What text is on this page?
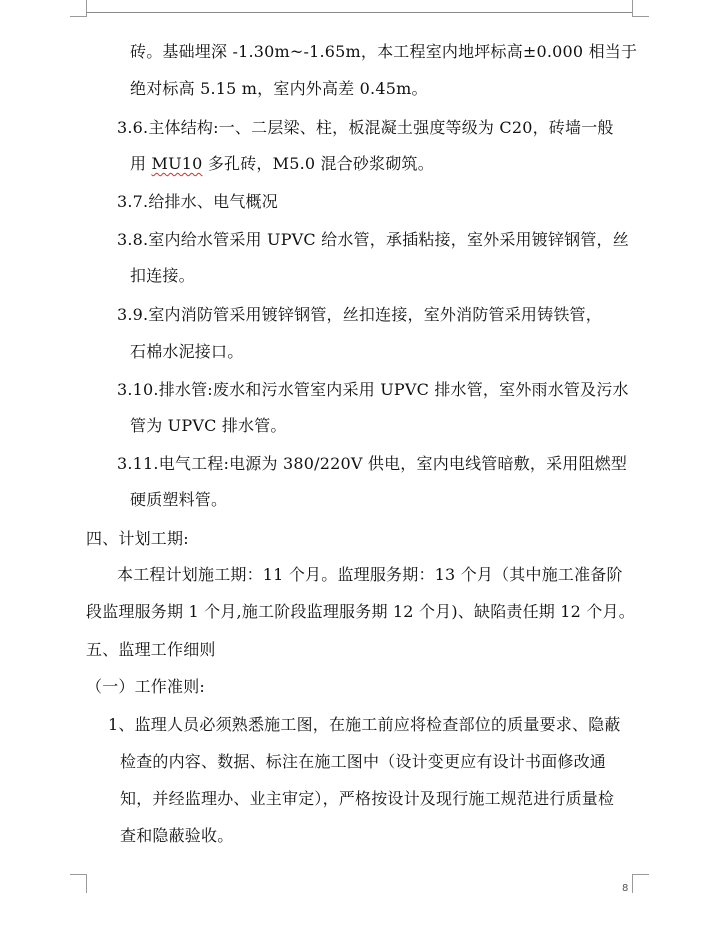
砖。基础埋深 -1.30m~-1.65m，本工程室内地坪标高±0.000 相当于
绝对标高 5.15 m，室内外高差 0.45m。
3.6.主体结构:一、二层梁、柱，板混凝土强度等级为 C20，砖墙一般
用 MU10 多孔砖，M5.0 混合砂浆砌筑。
3.7.给排水、电气概况
3.8.室内给水管采用 UPVC 给水管，承插粘接，室外采用镀锌钢管，丝
扣连接。
3.9.室内消防管采用镀锌钢管，丝扣连接，室外消防管采用铸铁管，
石棉水泥接口。
3.10.排水管:废水和污水管室内采用 UPVC 排水管，室外雨水管及污水
管为 UPVC 排水管。
3.11.电气工程:电源为 380/220V 供电，室内电线管暗敷，采用阻燃型
硬质塑料管。
四、计划工期:
本工程计划施工期：11 个月。监理服务期：13 个月（其中施工准备阶
段监理服务期 1 个月,施工阶段监理服务期 12 个月)、缺陷责任期 12 个月。
五、监理工作细则
（一）工作准则:
1、监理人员必须熟悉施工图，在施工前应将检查部位的质量要求、隐蔽
检查的内容、数据、标注在施工图中（设计变更应有设计书面修改通
知，并经监理办、业主审定），严格按设计及现行施工规范进行质量检
查和隐蔽验收。
8
